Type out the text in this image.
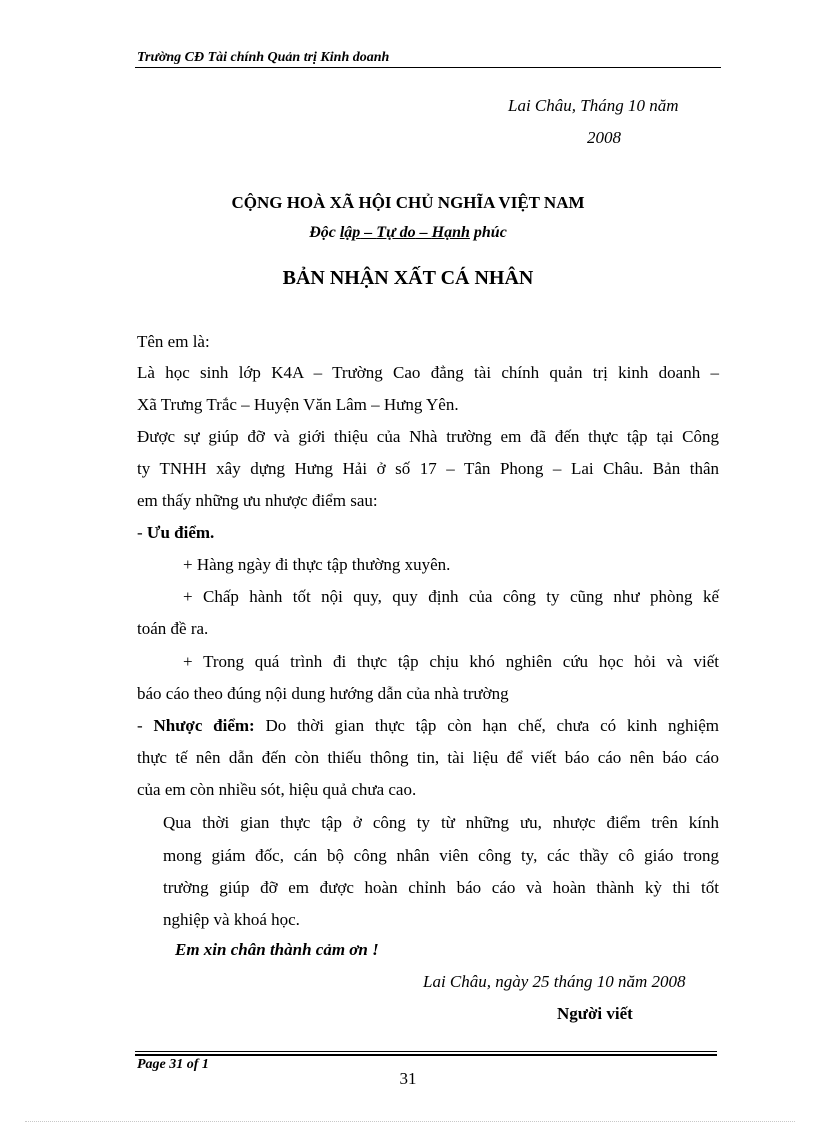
Trường CĐ Tài chính Quản trị Kinh doanh
Lai Châu, Tháng 10 năm
2008
CỘNG HOÀ XÃ HỘI CHỦ NGHĨA VIỆT NAM
Độc lập – Tự do – Hạnh phúc
BẢN NHẬN XẤT CÁ NHÂN
Tên em là:
Là học sinh lớp K4A – Trường Cao đẳng tài chính quản trị kinh doanh –
Xã Trưng Trắc – Huyện Văn Lâm – Hưng Yên.
Được sự giúp đỡ và giới thiệu của Nhà trường em đã đến thực tập tại Công
ty TNHH xây dựng Hưng Hải ở số 17 – Tân Phong – Lai Châu. Bản thân
em thấy những ưu nhược điểm sau:
- Ưu điểm.
+ Hàng ngày đi thực tập thường xuyên.
+ Chấp hành tốt nội quy, quy định của công ty cũng như phòng kế
toán đề ra.
+ Trong quá trình đi thực tập chịu khó nghiên cứu học hỏi và viết
báo cáo theo đúng nội dung hướng dẫn của nhà trường
- Nhược điểm: Do thời gian thực tập còn hạn chế, chưa có kinh nghiệm
thực tế nên dẫn đến còn thiếu thông tin, tài liệu để viết báo cáo nên báo cáo
của em còn nhiều sót, hiệu quả chưa cao.
Qua thời gian thực tập ở công ty từ những ưu, nhược điểm trên kính
mong giám đốc, cán bộ công nhân viên công ty, các thầy cô giáo trong
trường giúp đỡ em được hoàn chỉnh báo cáo và hoàn thành kỳ thi tốt
nghiệp và khoá học.
Em xin chân thành cảm ơn !
Lai Châu, ngày 25 tháng 10 năm 2008
Người viết
Page 31 of 1
31
